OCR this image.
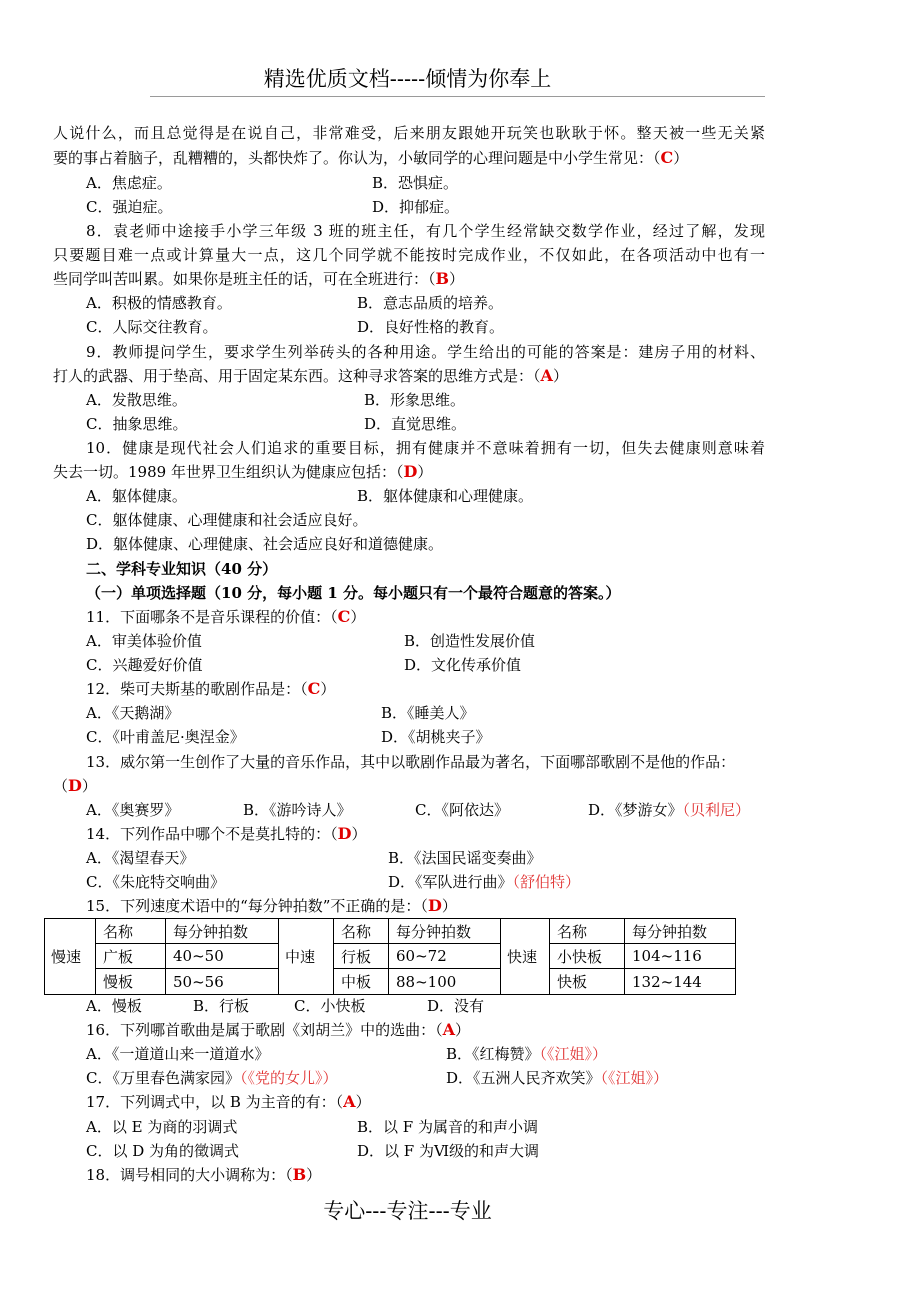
精选优质文档-----倾情为你奉上
人说什么，而且总觉得是在说自己，非常难受，后来朋友跟她开玩笑也耿耿于怀。整天被一些无关紧
要的事占着脑子，乱糟糟的，头都快炸了。你认为，小敏同学的心理问题是中小学生常见：（C）
A．焦虑症。	B．恐惧症。
C．强迫症。	D．抑郁症。
8．袁老师中途接手小学三年级 3 班的班主任，有几个学生经常缺交数学作业，经过了解，发现
只要题目难一点或计算量大一点，这几个同学就不能按时完成作业，不仅如此，在各项活动中也有一
些同学叫苦叫累。如果你是班主任的话，可在全班进行：（B）
A．积极的情感教育。	B．意志品质的培养。
C．人际交往教育。	D．良好性格的教育。
9．教师提问学生，要求学生列举砖头的各种用途。学生给出的可能的答案是：建房子用的材料、
打人的武器、用于垫高、用于固定某东西。这种寻求答案的思维方式是：（A）
A．发散思维。	B．形象思维。
C．抽象思维。	D．直觉思维。
10．健康是现代社会人们追求的重要目标，拥有健康并不意味着拥有一切，但失去健康则意味着
失去一切。1989 年世界卫生组织认为健康应包括：（D）
A．躯体健康。	B．躯体健康和心理健康。
C．躯体健康、心理健康和社会适应良好。
D．躯体健康、心理健康、社会适应良好和道德健康。
二、学科专业知识（40 分）
（一）单项选择题（10 分，每小题 1 分。每小题只有一个最符合题意的答案。）
11．下面哪条不是音乐课程的价值：（C）
A．审美体验价值	B．创造性发展价值
C．兴趣爱好价值	D．文化传承价值
12．柴可夫斯基的歌剧作品是：（C）
A．《天鹅湖》	B．《睡美人》
C．《叶甫盖尼·奥涅金》	D．《胡桃夹子》
13．威尔第一生创作了大量的音乐作品，其中以歌剧作品最为著名，下面哪部歌剧不是他的作品：
（D）
A．《奥赛罗》	B．《游吟诗人》	C．《阿依达》	D．《梦游女》（贝利尼）
14．下列作品中哪个不是莫扎特的：（D）
A．《渴望春天》	B．《法国民谣变奏曲》
C．《朱庇特交响曲》	D．《军队进行曲》（舒伯特）
15．下列速度术语中的“每分钟拍数”不正确的是：（D）
慢速	名称	每分钟拍数	中速	名称	每分钟拍数	快速	名称	每分钟拍数
	广板	40~50		行板	60~72		小快板	104~116
	慢板	50~56		中板	88~100		快板	132~144
A．慢板	B．行板	C．小快板	D．没有
16．下列哪首歌曲是属于歌剧《刘胡兰》中的选曲：（A）
A．《一道道山来一道道水》	B．《红梅赞》（《江姐》）
C．《万里春色满家园》（《党的女儿》）	D．《五洲人民齐欢笑》（《江姐》）
17．下列调式中，以 B 为主音的有：（A）
A．以 E 为商的羽调式	B．以 F 为属音的和声小调
C．以 D 为角的徵调式	D．以 F 为Ⅵ级的和声大调
18．调号相同的大小调称为：（B）
专心---专注---专业
